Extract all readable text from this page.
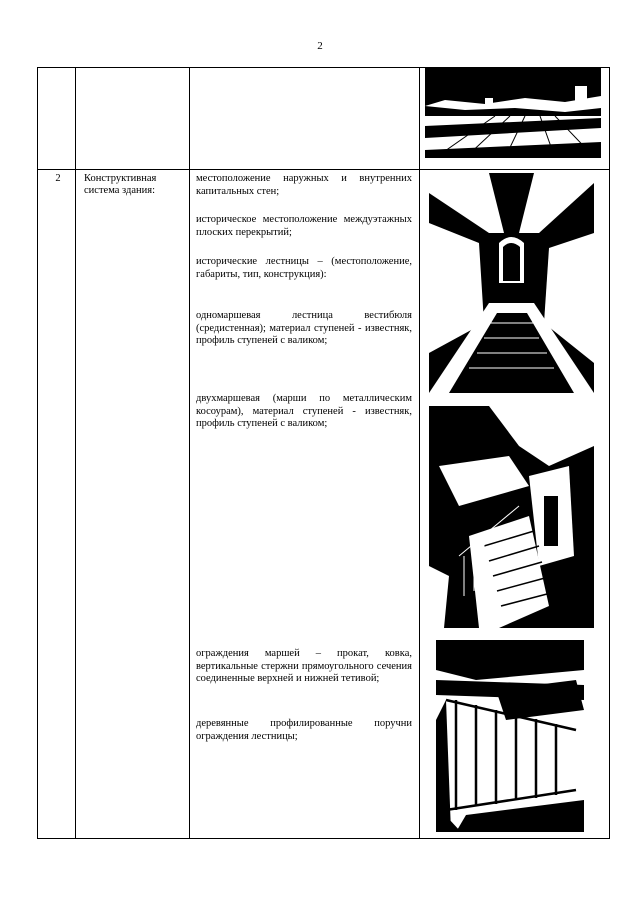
2
2	Конструктивная система здания:
местоположение наружных и внутренних капитальных стен;
историческое местоположение междуэтажных плоских перекрытий;
исторические лестницы – (местоположение, габариты, тип, конструкция):
одномаршевая лестница вестибюля (средистенная); материал ступеней - известняк, профиль ступеней с валиком;
двухмаршевая (марши по металлическим косоурам), материал ступеней - известняк, профиль ступеней с валиком;
ограждения маршей – прокат, ковка, вертикальные стержни прямоугольного сечения соединенные верхней и нижней тетивой;
деревянные профилированные поручни ограждения лестницы;
